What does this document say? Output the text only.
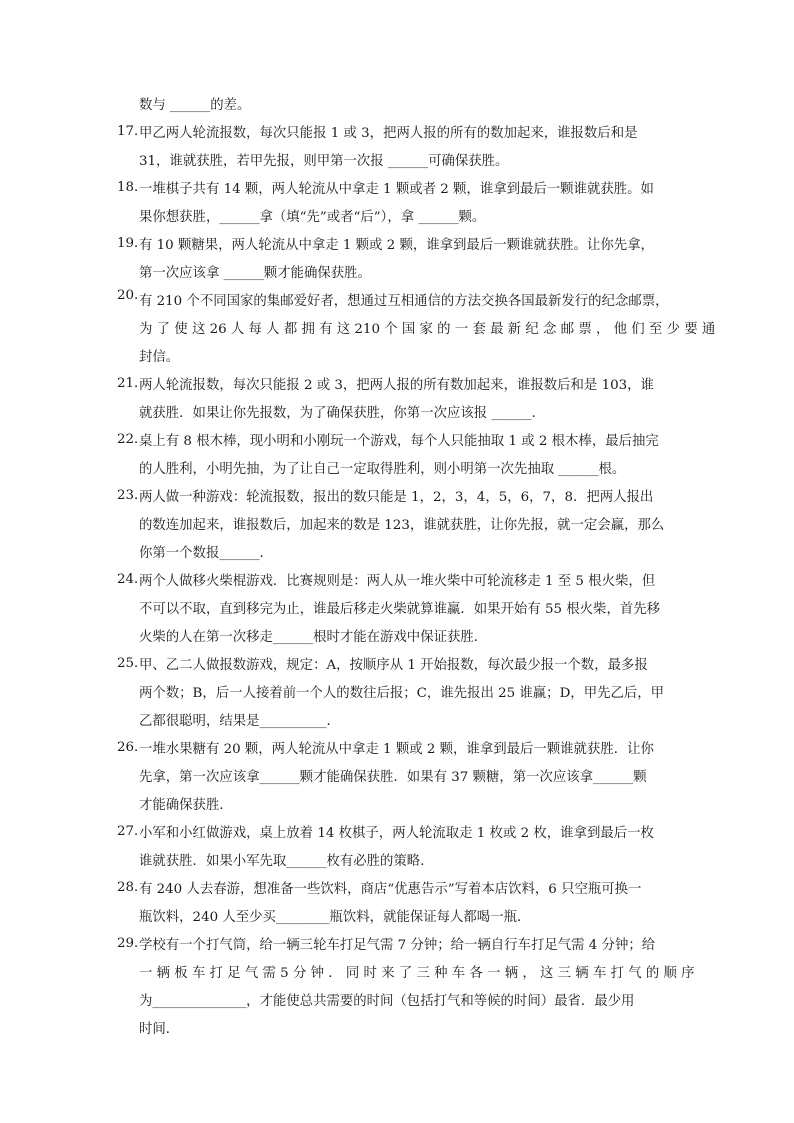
数与 ______的差。
17．
甲乙两人轮流报数，每次只能报 1 或 3，把两人报的所有的数加起来，谁报数后和是
31，谁就获胜，若甲先报，则甲第一次报 ______可确保获胜。
18．
一堆棋子共有 14 颗，两人轮流从中拿走 1 颗或者 2 颗，谁拿到最后一颗谁就获胜。如
果你想获胜，______拿（填“先”或者“后”），拿 ______颗。
19．
有 10 颗糖果，两人轮流从中拿走 1 颗或 2 颗，谁拿到最后一颗谁就获胜。让你先拿，
第一次应该拿 ______颗才能确保获胜。
20. 有 210 个不同国家的集邮爱好者，想通过互相通信的方法交换各国最新发行的纪念邮票，
为 了 使 这 26 人 每 人 都 拥 有 这 210 个 国 家 的 一 套 最 新 纪 念 邮 票 ， 他 们 至 少 要 通
封信。
21．
两人轮流报数，每次只能报 2 或 3，把两人报的所有数加起来，谁报数后和是 103，谁
就获胜．如果让你先报数，为了确保获胜，你第一次应该报 ______．
22．
桌上有 8 根木棒，现小明和小刚玩一个游戏，每个人只能抽取 1 或 2 根木棒，最后抽完
的人胜利，小明先抽，为了让自己一定取得胜利，则小明第一次先抽取 ______根。
23．
两人做一种游戏：轮流报数，报出的数只能是 1，2，3，4，5，6，7，8．把两人报出
的数连加起来，谁报数后，加起来的数是 123，谁就获胜，让你先报，就一定会赢，那么
你第一个数报______．
24．
两个人做移火柴棍游戏．比赛规则是：两人从一堆火柴中可轮流移走 1 至 5 根火柴，但
不可以不取，直到移完为止，谁最后移走火柴就算谁赢．如果开始有 55 根火柴，首先移
火柴的人在第一次移走______根时才能在游戏中保证获胜．
25．
甲、乙二人做报数游戏，规定：A，按顺序从 1 开始报数，每次最少报一个数，最多报
两个数；B，后一人接着前一个人的数往后报；C，谁先报出 25 谁赢；D，甲先乙后，甲
乙都很聪明，结果是__________．
26．
一堆水果糖有 20 颗，两人轮流从中拿走 1 颗或 2 颗，谁拿到最后一颗谁就获胜．让你
先拿，第一次应该拿______颗才能确保获胜．如果有 37 颗糖，第一次应该拿______颗
才能确保获胜．
27．
小军和小红做游戏，桌上放着 14 枚棋子，两人轮流取走 1 枚或 2 枚，谁拿到最后一枚
谁就获胜．如果小军先取______枚有必胜的策略．
28．
有 240 人去春游，想准备一些饮料，商店“优惠告示”写着本店饮料，6 只空瓶可换一
瓶饮料，240 人至少买________瓶饮料，就能保证每人都喝一瓶．
29．
学校有一个打气筒，给一辆三轮车打足气需 7 分钟；给一辆自行车打足气需 4 分钟；给
一 辆 板 车 打 足 气 需 5 分 钟 ． 同 时 来 了 三 种 车 各 一 辆 ， 这 三 辆 车 打 气 的 顺 序
为______________，才能使总共需要的时间（包括打气和等候的时间）最省．最少用
时间．
